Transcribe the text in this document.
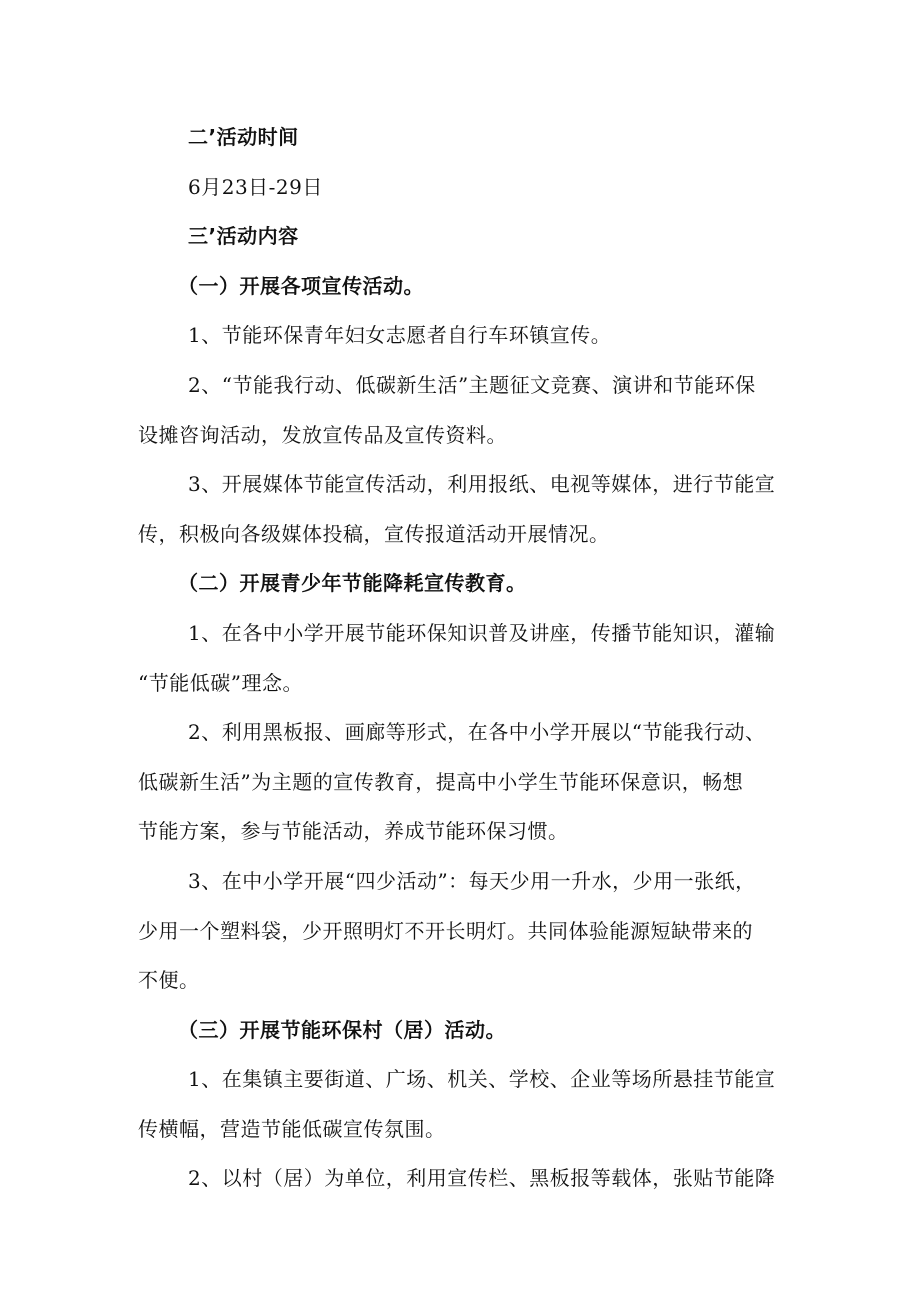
二’活动时间
6月23日-29日
三’活动内容
（一）开展各项宣传活动。
1、节能环保青年妇女志愿者自行车环镇宣传。
2、“节能我行动、低碳新生活”主题征文竞赛、演讲和节能环保
设摊咨询活动，发放宣传品及宣传资料。
3、开展媒体节能宣传活动，利用报纸、电视等媒体，进行节能宣
传，积极向各级媒体投稿，宣传报道活动开展情况。
（二）开展青少年节能降耗宣传教育。
1、在各中小学开展节能环保知识普及讲座，传播节能知识，灌输
“节能低碳”理念。
2、利用黑板报、画廊等形式，在各中小学开展以“节能我行动、
低碳新生活”为主题的宣传教育，提高中小学生节能环保意识，畅想
节能方案，参与节能活动，养成节能环保习惯。
3、在中小学开展“四少活动”：每天少用一升水，少用一张纸，
少用一个塑料袋，少开照明灯不开长明灯。共同体验能源短缺带来的
不便。
（三）开展节能环保村（居）活动。
1、在集镇主要街道、广场、机关、学校、企业等场所悬挂节能宣
传横幅，营造节能低碳宣传氛围。
2、以村（居）为单位，利用宣传栏、黑板报等载体，张贴节能降
